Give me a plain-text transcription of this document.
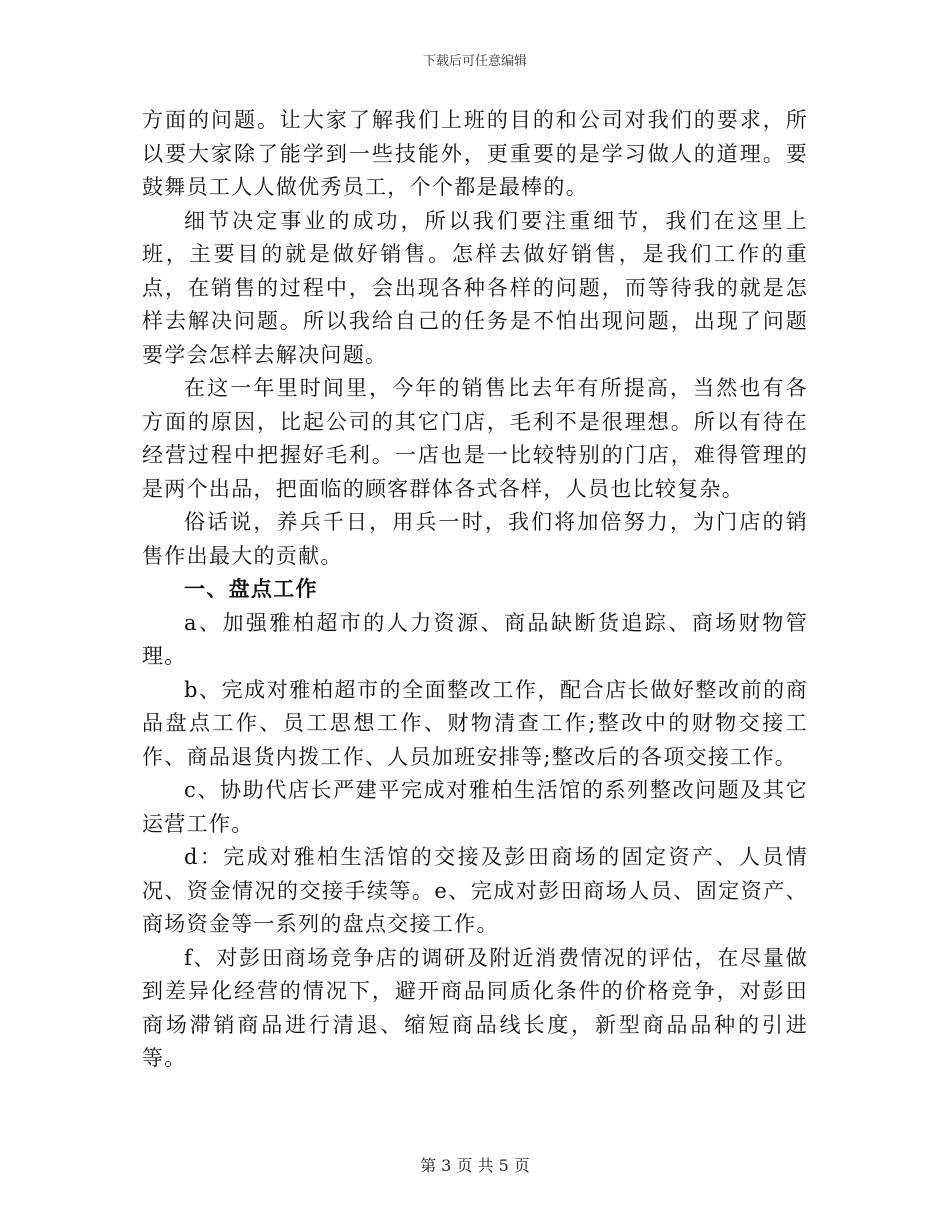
下载后可任意编辑

方面的问题。让大家了解我们上班的目的和公司对我们的要求，所以要大家除了能学到一些技能外，更重要的是学习做人的道理。要鼓舞员工人人做优秀员工，个个都是最棒的。

细节决定事业的成功，所以我们要注重细节，我们在这里上班，主要目的就是做好销售。怎样去做好销售，是我们工作的重点，在销售的过程中，会出现各种各样的问题，而等待我的就是怎样去解决问题。所以我给自己的任务是不怕出现问题，出现了问题要学会怎样去解决问题。

在这一年里时间里，今年的销售比去年有所提高，当然也有各方面的原因，比起公司的其它门店，毛利不是很理想。所以有待在经营过程中把握好毛利。一店也是一比较特别的门店，难得管理的是两个出品，把面临的顾客群体各式各样，人员也比较复杂。

俗话说，养兵千日，用兵一时，我们将加倍努力，为门店的销售作出最大的贡献。

一、盘点工作

a、加强雅柏超市的人力资源、商品缺断货追踪、商场财物管理。

b、完成对雅柏超市的全面整改工作，配合店长做好整改前的商品盘点工作、员工思想工作、财物清查工作;整改中的财物交接工作、商品退货内拨工作、人员加班安排等;整改后的各项交接工作。

c、协助代店长严建平完成对雅柏生活馆的系列整改问题及其它运营工作。

d：完成对雅柏生活馆的交接及彭田商场的固定资产、人员情况、资金情况的交接手续等。e、完成对彭田商场人员、固定资产、商场资金等一系列的盘点交接工作。

f、对彭田商场竞争店的调研及附近消费情况的评估，在尽量做到差异化经营的情况下，避开商品同质化条件的价格竞争，对彭田商场滞销商品进行清退、缩短商品线长度，新型商品品种的引进等。

第 3 页 共 5 页
